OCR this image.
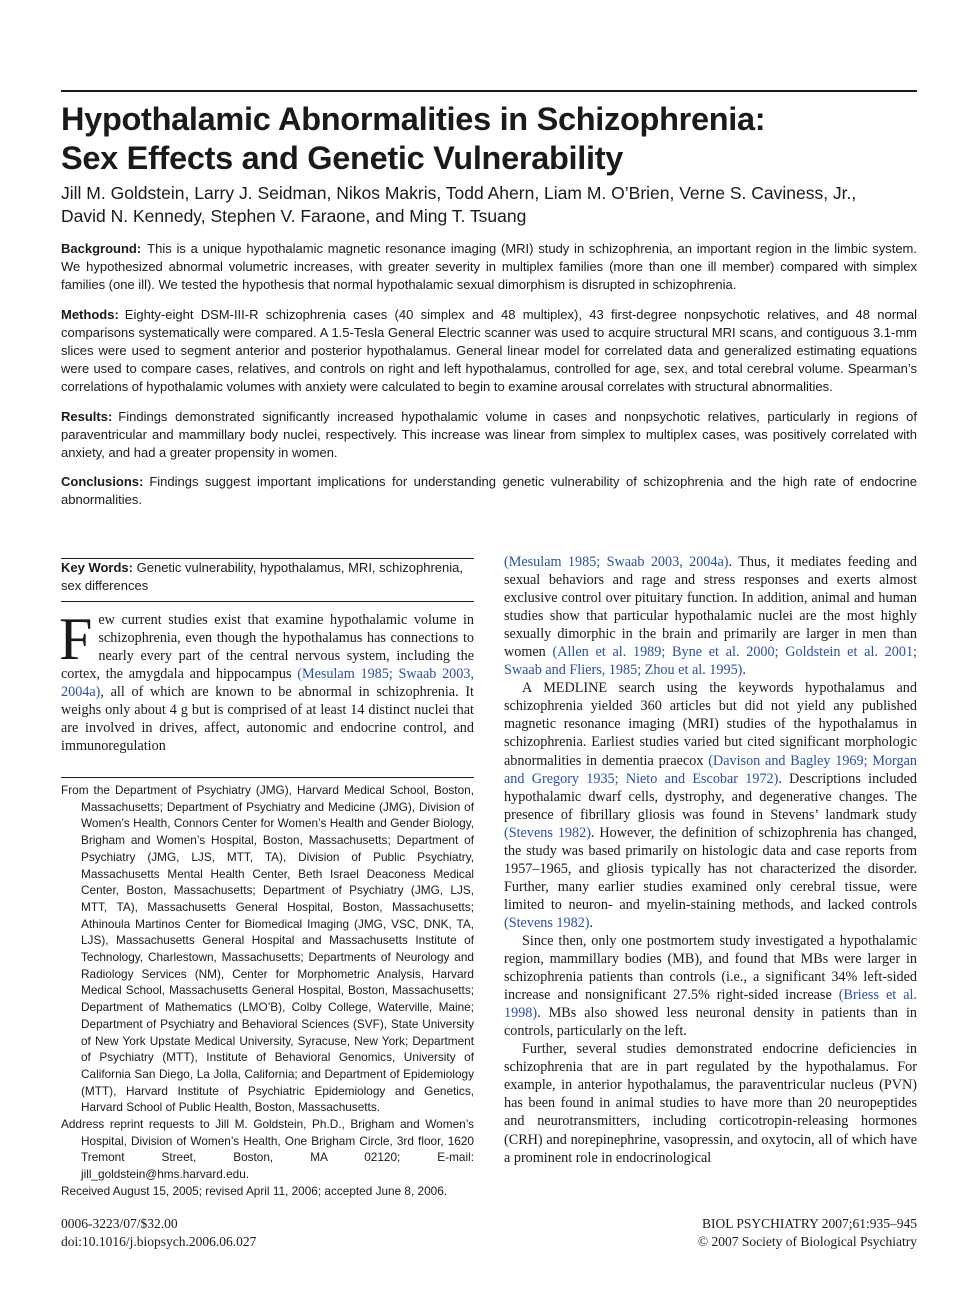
Hypothalamic Abnormalities in Schizophrenia:
Sex Effects and Genetic Vulnerability
Jill M. Goldstein, Larry J. Seidman, Nikos Makris, Todd Ahern, Liam M. O’Brien, Verne S. Caviness, Jr.,
David N. Kennedy, Stephen V. Faraone, and Ming T. Tsuang

Background: This is a unique hypothalamic magnetic resonance imaging (MRI) study in schizophrenia, an important region in the limbic system. We hypothesized abnormal volumetric increases, with greater severity in multiplex families (more than one ill member) compared with simplex families (one ill). We tested the hypothesis that normal hypothalamic sexual dimorphism is disrupted in schizophrenia.

Methods: Eighty-eight DSM-III-R schizophrenia cases (40 simplex and 48 multiplex), 43 first-degree nonpsychotic relatives, and 48 normal comparisons systematically were compared. A 1.5-Tesla General Electric scanner was used to acquire structural MRI scans, and contiguous 3.1-mm slices were used to segment anterior and posterior hypothalamus. General linear model for correlated data and generalized estimating equations were used to compare cases, relatives, and controls on right and left hypothalamus, controlled for age, sex, and total cerebral volume. Spearman’s correlations of hypothalamic volumes with anxiety were calculated to begin to examine arousal correlates with structural abnormalities.

Results: Findings demonstrated significantly increased hypothalamic volume in cases and nonpsychotic relatives, particularly in regions of paraventricular and mammillary body nuclei, respectively. This increase was linear from simplex to multiplex cases, was positively correlated with anxiety, and had a greater propensity in women.

Conclusions: Findings suggest important implications for understanding genetic vulnerability of schizophrenia and the high rate of endocrine abnormalities.

Key Words: Genetic vulnerability, hypothalamus, MRI, schizophrenia, sex differences

Few current studies exist that examine hypothalamic volume in schizophrenia, even though the hypothalamus has connections to nearly every part of the central nervous system, including the cortex, the amygdala and hippocampus (Mesulam 1985; Swaab 2003, 2004a), all of which are known to be abnormal in schizophrenia. It weighs only about 4 g but is comprised of at least 14 distinct nuclei that are involved in drives, affect, autonomic and endocrine control, and immunoregulation

From the Department of Psychiatry (JMG), Harvard Medical School, Boston, Massachusetts; Department of Psychiatry and Medicine (JMG), Division of Women’s Health, Connors Center for Women’s Health and Gender Biology, Brigham and Women’s Hospital, Boston, Massachusetts; Department of Psychiatry (JMG, LJS, MTT, TA), Division of Public Psychiatry, Massachusetts Mental Health Center, Beth Israel Deaconess Medical Center, Boston, Massachusetts; Department of Psychiatry (JMG, LJS, MTT, TA), Massachusetts General Hospital, Boston, Massachusetts; Athinoula Martinos Center for Biomedical Imaging (JMG, VSC, DNK, TA, LJS), Massachusetts General Hospital and Massachusetts Institute of Technology, Charlestown, Massachusetts; Departments of Neurology and Radiology Services (NM), Center for Morphometric Analysis, Harvard Medical School, Massachusetts General Hospital, Boston, Massachusetts; Department of Mathematics (LMO’B), Colby College, Waterville, Maine; Department of Psychiatry and Behavioral Sciences (SVF), State University of New York Upstate Medical University, Syracuse, New York; Department of Psychiatry (MTT), Institute of Behavioral Genomics, University of California San Diego, La Jolla, California; and Department of Epidemiology (MTT), Harvard Institute of Psychiatric Epidemiology and Genetics, Harvard School of Public Health, Boston, Massachusetts.

Address reprint requests to Jill M. Goldstein, Ph.D., Brigham and Women’s Hospital, Division of Women’s Health, One Brigham Circle, 3rd floor, 1620 Tremont Street, Boston, MA 02120; E-mail: jill_goldstein@hms.harvard.edu.

Received August 15, 2005; revised April 11, 2006; accepted June 8, 2006.

(Mesulam 1985; Swaab 2003, 2004a). Thus, it mediates feeding and sexual behaviors and rage and stress responses and exerts almost exclusive control over pituitary function. In addition, animal and human studies show that particular hypothalamic nuclei are the most highly sexually dimorphic in the brain and primarily are larger in men than women (Allen et al. 1989; Byne et al. 2000; Goldstein et al. 2001; Swaab and Fliers, 1985; Zhou et al. 1995).

A MEDLINE search using the keywords hypothalamus and schizophrenia yielded 360 articles but did not yield any published magnetic resonance imaging (MRI) studies of the hypothalamus in schizophrenia. Earliest studies varied but cited significant morphologic abnormalities in dementia praecox (Davison and Bagley 1969; Morgan and Gregory 1935; Nieto and Escobar 1972). Descriptions included hypothalamic dwarf cells, dystrophy, and degenerative changes. The presence of fibrillary gliosis was found in Stevens’ landmark study (Stevens 1982). However, the definition of schizophrenia has changed, the study was based primarily on histologic data and case reports from 1957–1965, and gliosis typically has not characterized the disorder. Further, many earlier studies examined only cerebral tissue, were limited to neuron- and myelin-staining methods, and lacked controls (Stevens 1982).

Since then, only one postmortem study investigated a hypothalamic region, mammillary bodies (MB), and found that MBs were larger in schizophrenia patients than controls (i.e., a significant 34% left-sided increase and nonsignificant 27.5% right-sided increase (Briess et al. 1998). MBs also showed less neuronal density in patients than in controls, particularly on the left.

Further, several studies demonstrated endocrine deficiencies in schizophrenia that are in part regulated by the hypothalamus. For example, in anterior hypothalamus, the paraventricular nucleus (PVN) has been found in animal studies to have more than 20 neuropeptides and neurotransmitters, including corticotropin-releasing hormones (CRH) and norepinephrine, vasopressin, and oxytocin, all of which have a prominent role in endocrinological

0006-3223/07/$32.00
doi:10.1016/j.biopsych.2006.06.027
BIOL PSYCHIATRY 2007;61:935–945
© 2007 Society of Biological Psychiatry
